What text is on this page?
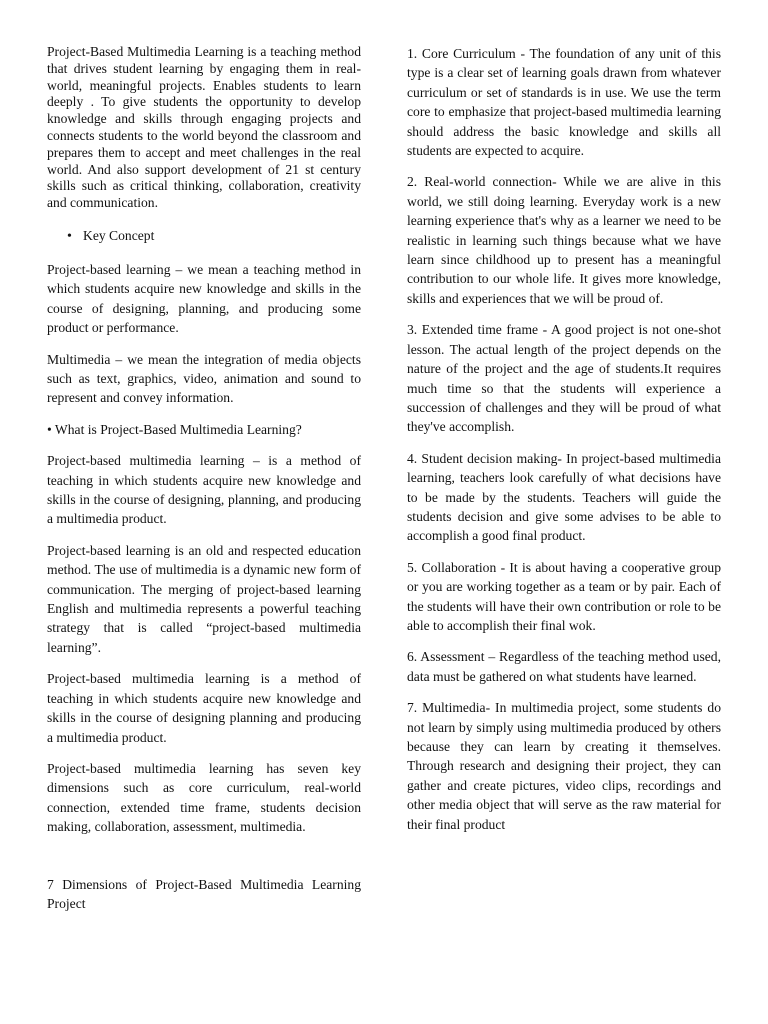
Project-Based Multimedia Learning is a teaching method that drives student learning by engaging them in real-world, meaningful projects. Enables students to learn deeply . To give students the opportunity to develop knowledge and skills through engaging projects and connects students to the world beyond the classroom and prepares them to accept and meet challenges in the real world. And also support development of 21 st century skills such as critical thinking, collaboration, creativity and communication.

• Key Concept

Project-based learning – we mean a teaching method in which students acquire new knowledge and skills in the course of designing, planning, and producing some product or performance.

Multimedia – we mean the integration of media objects such as text, graphics, video, animation and sound to represent and convey information.

• What is Project-Based Multimedia Learning?

Project-based multimedia learning – is a method of teaching in which students acquire new knowledge and skills in the course of designing, planning, and producing a multimedia product.

Project-based learning is an old and respected education method. The use of multimedia is a dynamic new form of communication. The merging of project-based learning English and multimedia represents a powerful teaching strategy that is called “project-based multimedia learning”.

Project-based multimedia learning is a method of teaching in which students acquire new knowledge and skills in the course of designing planning and producing a multimedia product.

Project-based multimedia learning has seven key dimensions such as core curriculum, real-world connection, extended time frame, students decision making, collaboration, assessment, multimedia.

7 Dimensions of Project-Based Multimedia Learning Project

1. Core Curriculum - The foundation of any unit of this type is a clear set of learning goals drawn from whatever curriculum or set of standards is in use. We use the term core to emphasize that project-based multimedia learning should address the basic knowledge and skills all students are expected to acquire.

2. Real-world connection- While we are alive in this world, we still doing learning. Everyday work is a new learning experience that's why as a learner we need to be realistic in learning such things because what we have learn since childhood up to present has a meaningful contribution to our whole life. It gives more knowledge, skills and experiences that we will be proud of.

3. Extended time frame - A good project is not one-shot lesson. The actual length of the project depends on the nature of the project and the age of students.It requires much time so that the students will experience a succession of challenges and they will be proud of what they've accomplish.

4. Student decision making- In project-based multimedia learning, teachers look carefully of what decisions have to be made by the students. Teachers will guide the students decision and give some advises to be able to accomplish a good final product.

5. Collaboration - It is about having a cooperative group or you are working together as a team or by pair. Each of the students will have their own contribution or role to be able to accomplish their final wok.

6. Assessment – Regardless of the teaching method used, data must be gathered on what students have learned.

7. Multimedia- In multimedia project, some students do not learn by simply using multimedia produced by others because they can learn by creating it themselves. Through research and designing their project, they can gather and create pictures, video clips, recordings and other media object that will serve as the raw material for their final product
